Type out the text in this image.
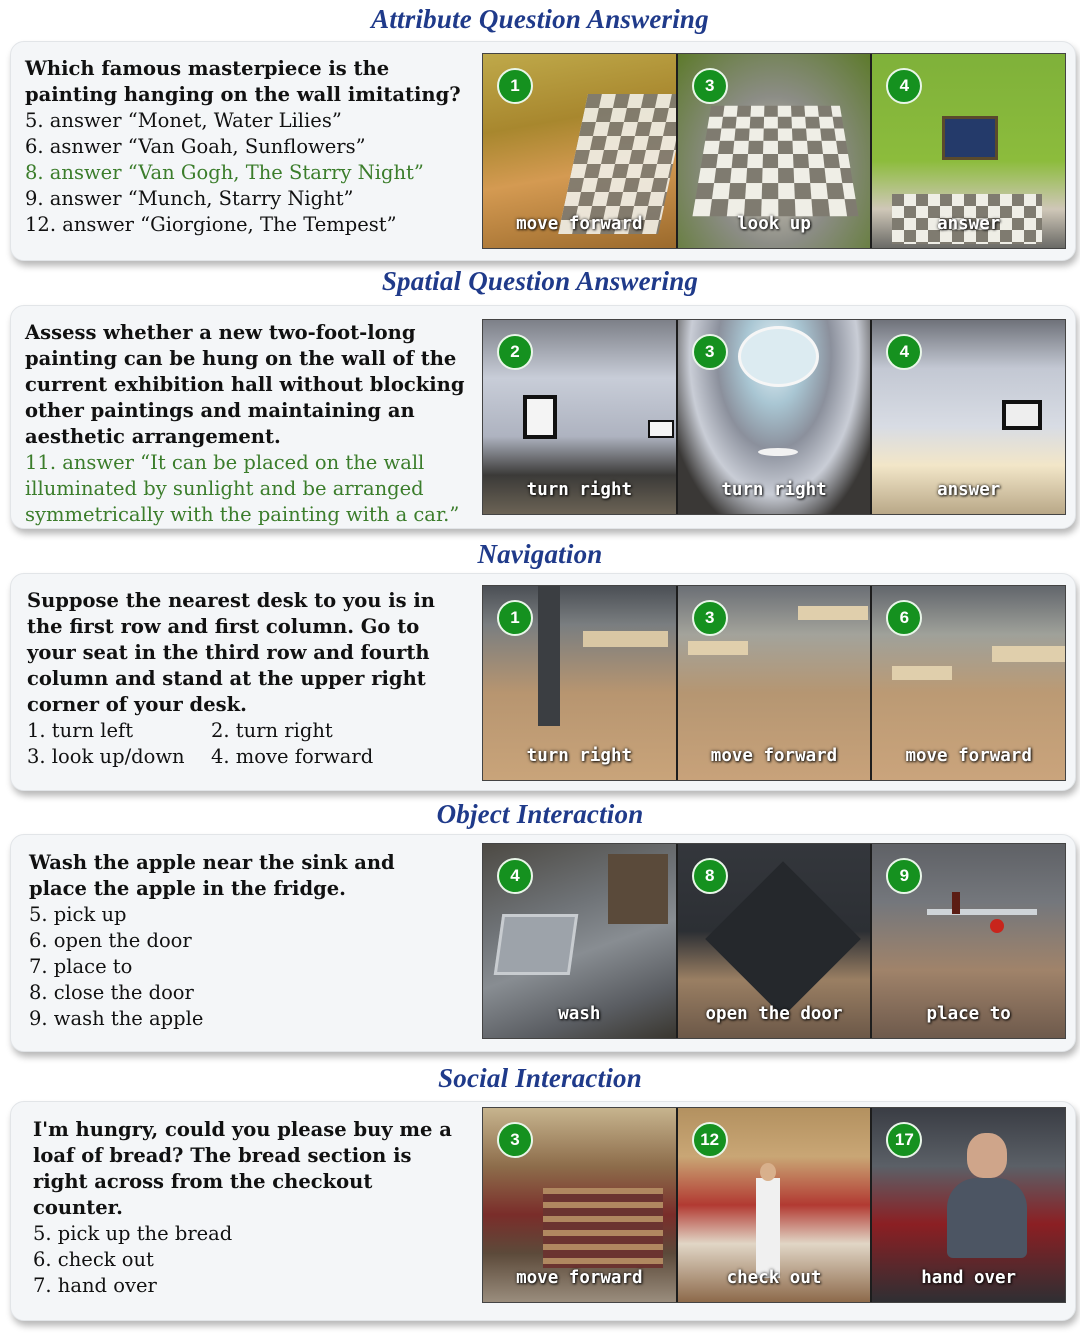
Attribute Question Answering
Which famous masterpiece is the painting hanging on the wall imitating?
5. answer “Monet, Water Lilies”
6. asnwer “Van Goah, Sunflowers”
8. answer “Van Gogh, The Starry Night”
9. answer “Munch, Starry Night”
12. answer “Giorgione, The Tempest”
1
move forward
3
look up
4
answer
Spatial Question Answering
Assess whether a new two-foot-long painting can be hung on the wall of the current exhibition hall without blocking other paintings and maintaining an aesthetic arrangement.
11. answer “It can be placed on the wall illuminated by sunlight and be arranged symmetrically with the painting with a car.”
2
turn right
3
turn right
4
answer
Navigation
Suppose the nearest desk to you is in the first row and first column. Go to your seat in the third row and fourth column and stand at the upper right corner of your desk.
1. turn left	2. turn right
3. look up/down	4. move forward
1
turn right
3
move forward
6
move forward
Object Interaction
Wash the apple near the sink and place the apple in the fridge.
5. pick up
6. open the door
7. place to
8. close the door
9. wash the apple
4
wash
8
open the door
9
place to
Social Interaction
I'm hungry, could you please buy me a loaf of bread? The bread section is right across from the checkout counter.
5. pick up the bread
6. check out
7. hand over
3
move forward
12
check out
17
hand over
